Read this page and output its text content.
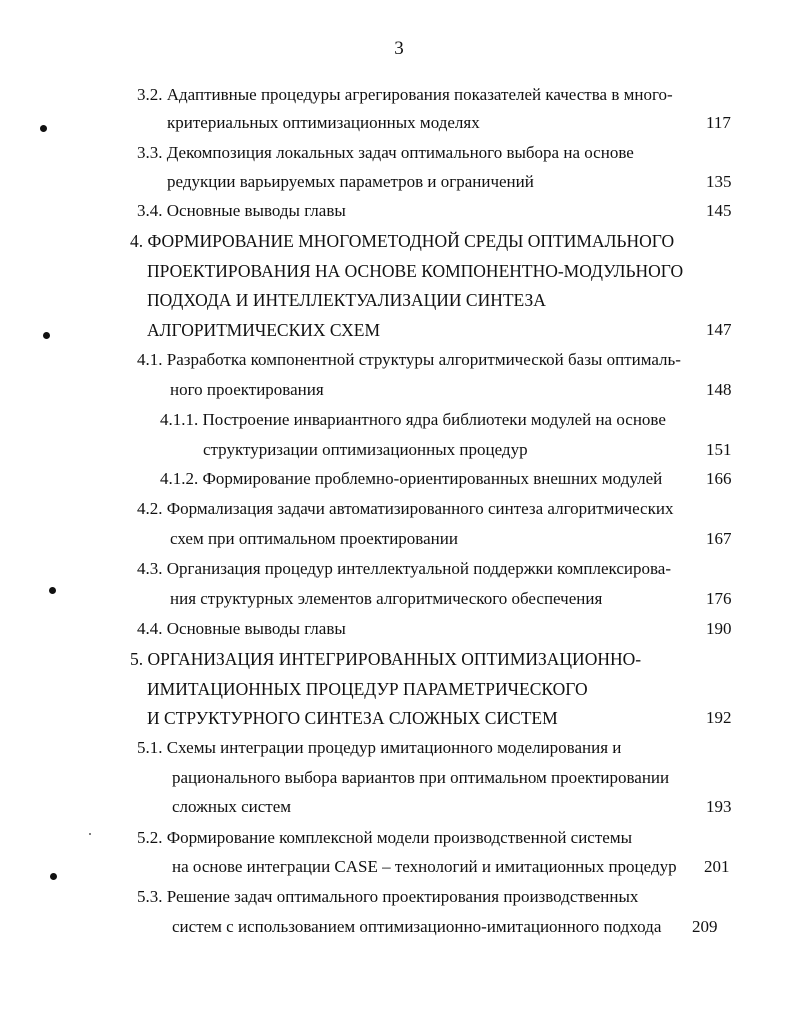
3
3.2. Адаптивные процедуры агрегирования показателей качества в много-
критериальных оптимизационных моделях	117
3.3. Декомпозиция локальных задач оптимального выбора на основе
редукции варьируемых параметров и ограничений	135
3.4. Основные выводы главы	145
4. ФОРМИРОВАНИЕ МНОГОМЕТОДНОЙ СРЕДЫ ОПТИМАЛЬНОГО
ПРОЕКТИРОВАНИЯ НА ОСНОВЕ КОМПОНЕНТНО-МОДУЛЬНОГО
ПОДХОДА И ИНТЕЛЛЕКТУАЛИЗАЦИИ СИНТЕЗА
АЛГОРИТМИЧЕСКИХ СХЕМ	147
4.1. Разработка компонентной структуры алгоритмической базы оптималь-
ного проектирования	148
4.1.1. Построение инвариантного ядра библиотеки модулей на основе
структуризации оптимизационных процедур	151
4.1.2. Формирование проблемно-ориентированных внешних модулей	166
4.2. Формализация задачи автоматизированного синтеза алгоритмических
схем при оптимальном проектировании	167
4.3. Организация процедур интеллектуальной поддержки комплексирова-
ния структурных элементов алгоритмического обеспечения	176
4.4. Основные выводы главы	190
5. ОРГАНИЗАЦИЯ ИНТЕГРИРОВАННЫХ ОПТИМИЗАЦИОННО-
ИМИТАЦИОННЫХ ПРОЦЕДУР ПАРАМЕТРИЧЕСКОГО
И СТРУКТУРНОГО СИНТЕЗА СЛОЖНЫХ СИСТЕМ	192
5.1. Схемы интеграции процедур имитационного моделирования и
рационального выбора вариантов при оптимальном проектировании
сложных систем	193
5.2. Формирование комплексной модели производственной системы
на основе интеграции CASE – технологий и имитационных процедур 201
5.3. Решение задач оптимального проектирования производственных
систем с использованием оптимизационно-имитационного подхода 209
